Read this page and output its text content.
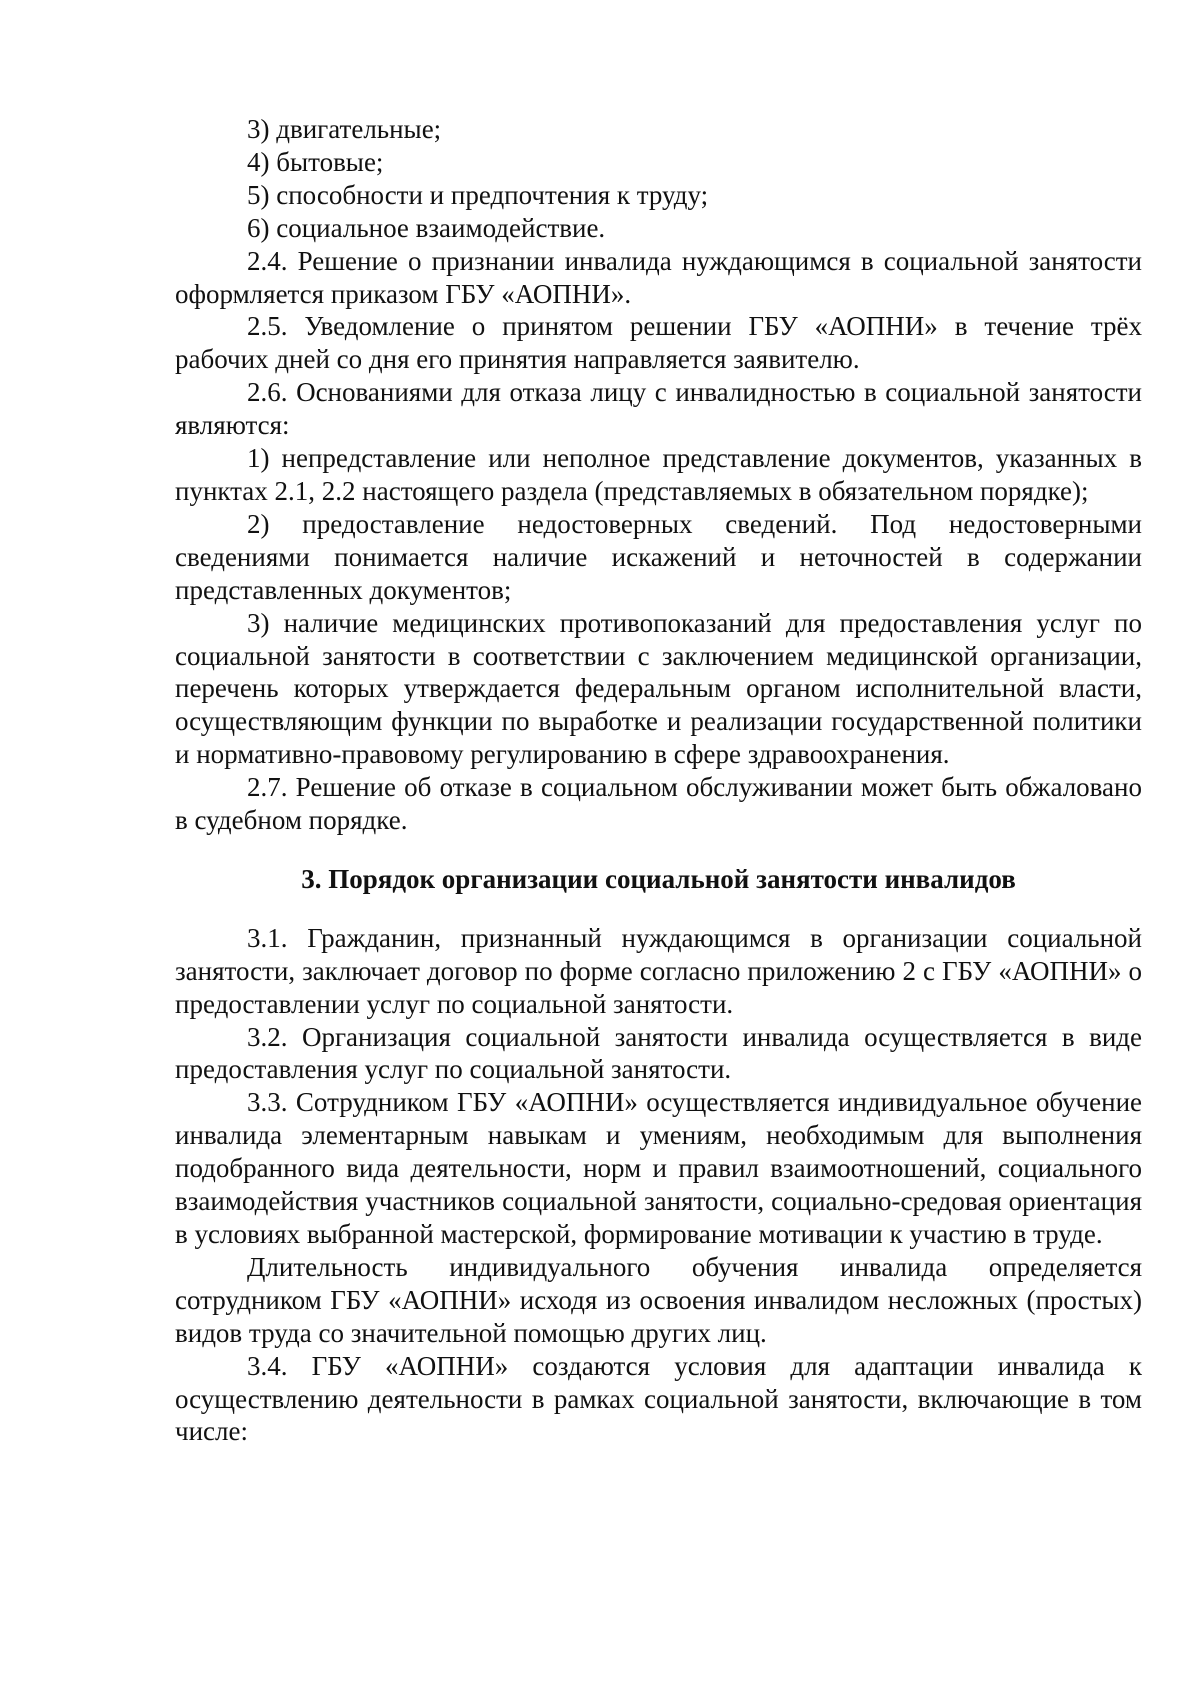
3) двигательные;

4) бытовые;

5) способности и предпочтения к труду;

6) социальное взаимодействие.

2.4. Решение о признании инвалида нуждающимся в социальной занятости оформляется приказом ГБУ «АОПНИ».

2.5. Уведомление о принятом решении ГБУ «АОПНИ» в течение трёх рабочих дней со дня его принятия направляется заявителю.

2.6. Основаниями для отказа лицу с инвалидностью в социальной занятости являются:

1) непредставление или неполное представление документов, указанных в пунктах 2.1, 2.2 настоящего раздела (представляемых в обязательном порядке);

2) предоставление недостоверных сведений. Под недостоверными сведениями понимается наличие искажений и неточностей в содержании представленных документов;

3) наличие медицинских противопоказаний для предоставления услуг по социальной занятости в соответствии с заключением медицинской организации, перечень которых утверждается федеральным органом исполнительной власти, осуществляющим функции по выработке и реализации государственной политики и нормативно-правовому регулированию в сфере здравоохранения.

2.7. Решение об отказе в социальном обслуживании может быть обжаловано в судебном порядке.

3. Порядок организации социальной занятости инвалидов

3.1. Гражданин, признанный нуждающимся в организации социальной занятости, заключает договор по форме согласно приложению 2 с ГБУ «АОПНИ» о предоставлении услуг по социальной занятости.

3.2. Организация социальной занятости инвалида осуществляется в виде предоставления услуг по социальной занятости.

3.3. Сотрудником ГБУ «АОПНИ» осуществляется индивидуальное обучение инвалида элементарным навыкам и умениям, необходимым для выполнения подобранного вида деятельности, норм и правил взаимоотношений, социального взаимодействия участников социальной занятости, социально-средовая ориентация в условиях выбранной мастерской, формирование мотивации к участию в труде.

Длительность индивидуального обучения инвалида определяется сотрудником ГБУ «АОПНИ» исходя из освоения инвалидом несложных (простых) видов труда со значительной помощью других лиц.

3.4. ГБУ «АОПНИ» создаются условия для адаптации инвалида к осуществлению деятельности в рамках социальной занятости, включающие в том числе:
